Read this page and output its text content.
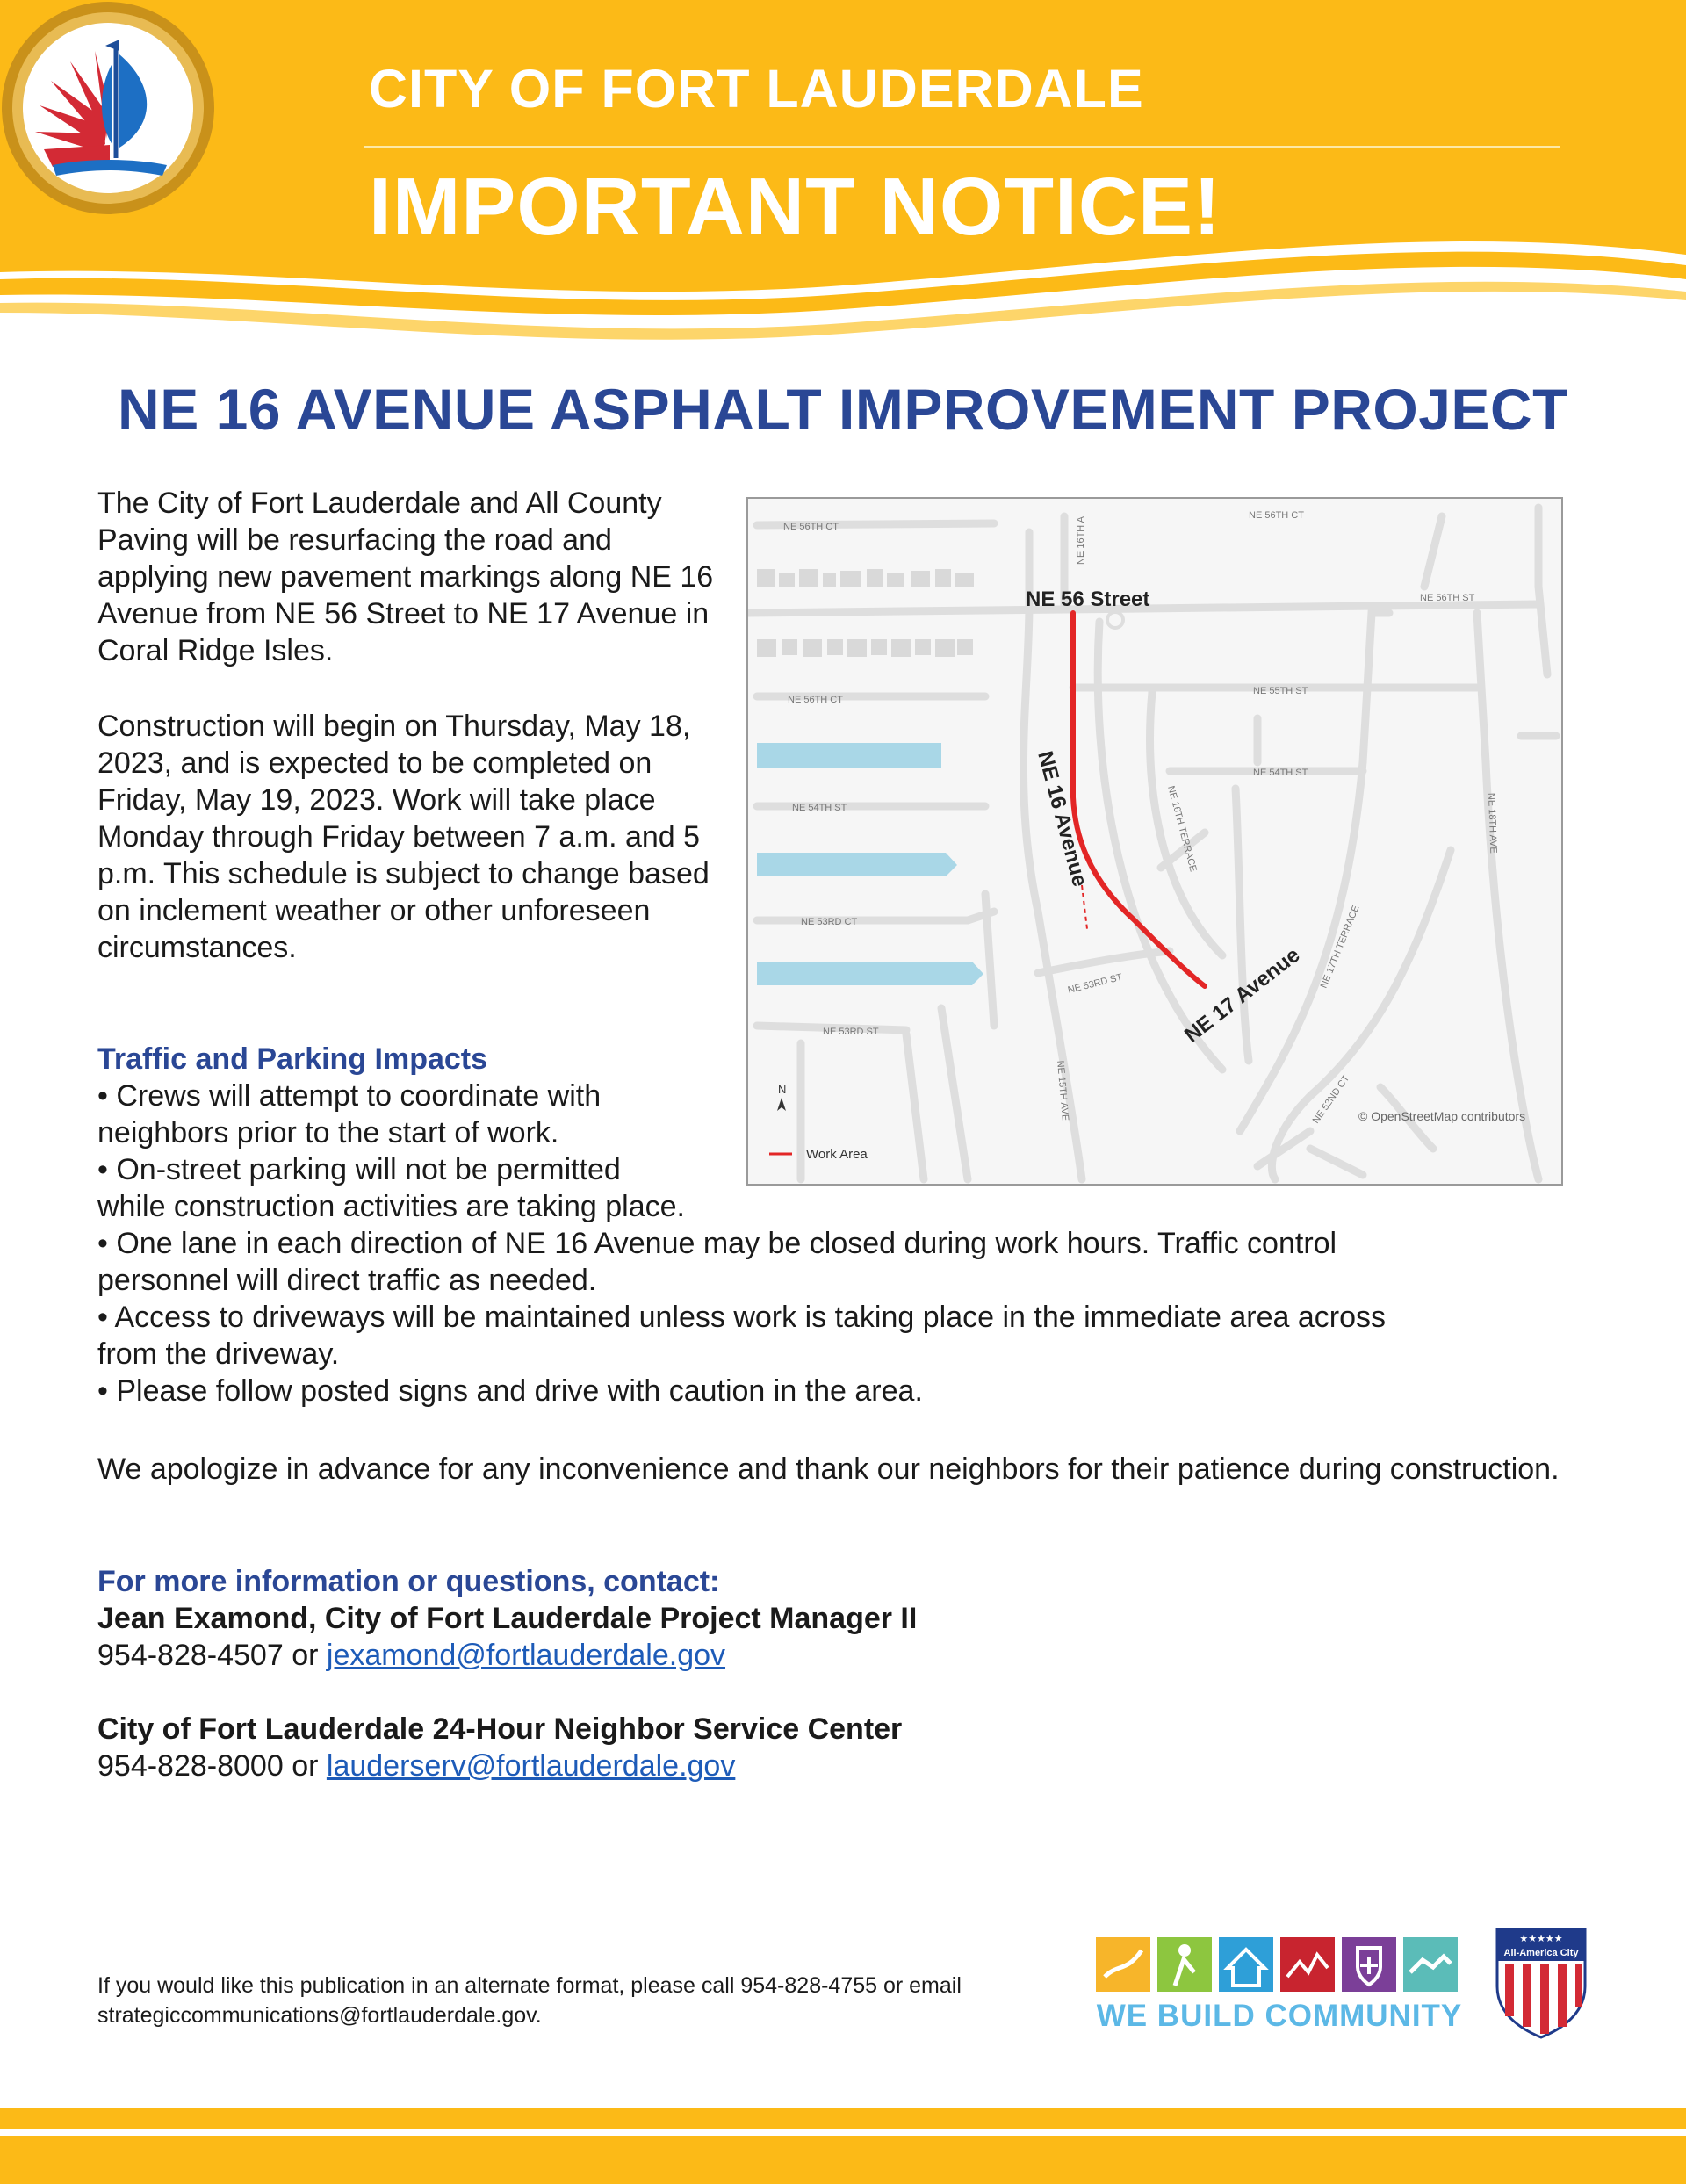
CITY OF FORT LAUDERDALE
IMPORTANT NOTICE!
NE 16 AVENUE ASPHALT IMPROVEMENT PROJECT
The City of Fort Lauderdale and All County Paving will be resurfacing the road and applying new pavement markings along NE 16 Avenue from NE 56 Street to NE 17 Avenue in Coral Ridge Isles.
Construction will begin on Thursday, May 18, 2023, and is expected to be completed on Friday, May 19, 2023. Work will take place Monday through Friday between 7 a.m. and 5 p.m. This schedule is subject to change based on inclement weather or other unforeseen circumstances.
NE 56TH CT
NE 56TH CT
NE 16TH A
NE 56TH ST
NE 56TH CT
NE 55TH ST
NE 54TH ST
NE 54TH ST	NE 16TH TERRACE	NE 18TH AVE
NE 53RD CT
NE 53RD ST
NE 53RD ST
NE 17TH TERRACE
NE 15TH AVE	NE 52ND CT © OpenStreetMap contributors
NE 56 Street
NE 16 Avenue
NE 17 Avenue
N
Work Area
Traffic and Parking Impacts
• Crews will attempt to coordinate with
neighbors prior to the start of work.
• On-street parking will not be permitted
while construction activities are taking place.
• One lane in each direction of NE 16 Avenue may be closed during work hours. Traffic control
personnel will direct traffic as needed.
• Access to driveways will be maintained unless work is taking place in the immediate area across
from the driveway.
• Please follow posted signs and drive with caution in the area.
We apologize in advance for any inconvenience and thank our neighbors for their patience during construction.
For more information or questions, contact:
Jean Examond, City of Fort Lauderdale Project Manager II
954-828-4507 or jexamond@fortlauderdale.gov
City of Fort Lauderdale 24-Hour Neighbor Service Center
954-828-8000 or lauderserv@fortlauderdale.gov
If you would like this publication in an alternate format, please call 954-828-4755 or email
strategiccommunications@fortlauderdale.gov.	WE BUILD COMMUNITY
★★★★★
All-America City
